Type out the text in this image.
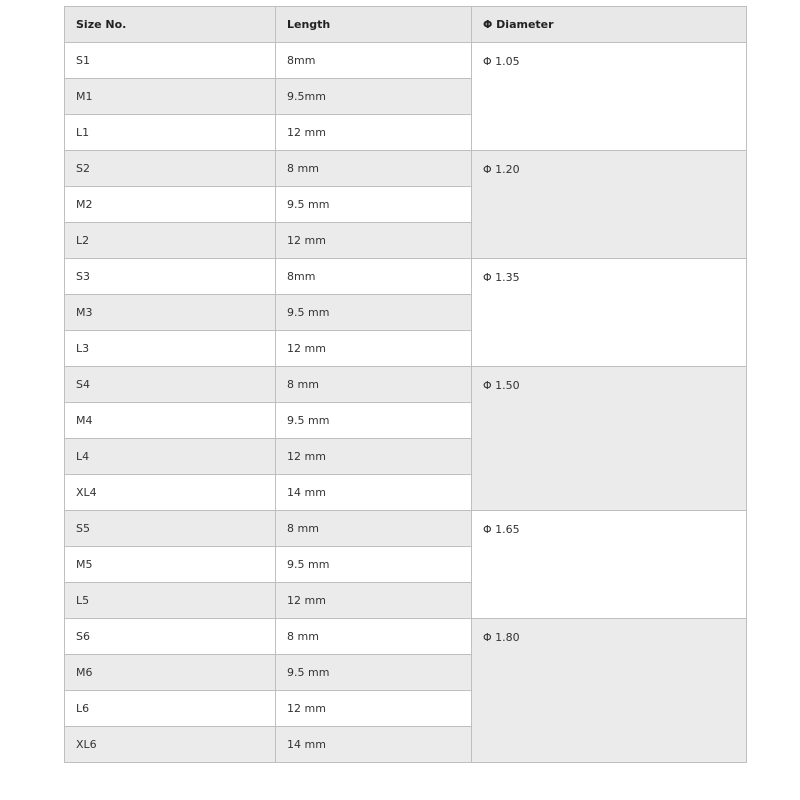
Size No.	Length	Φ Diameter
S1	8mm	Φ 1.05
M1	9.5mm	
L1	12 mm	
S2	8 mm	Φ 1.20
M2	9.5 mm	
L2	12 mm	
S3	8mm	Φ 1.35
M3	9.5 mm	
L3	12 mm	
S4	8 mm	Φ 1.50
M4	9.5 mm	
L4	12 mm	
XL4	14 mm	
S5	8 mm	Φ 1.65
M5	9.5 mm	
L5	12 mm	
S6	8 mm	Φ 1.80
M6	9.5 mm	
L6	12 mm	
XL6	14 mm	
